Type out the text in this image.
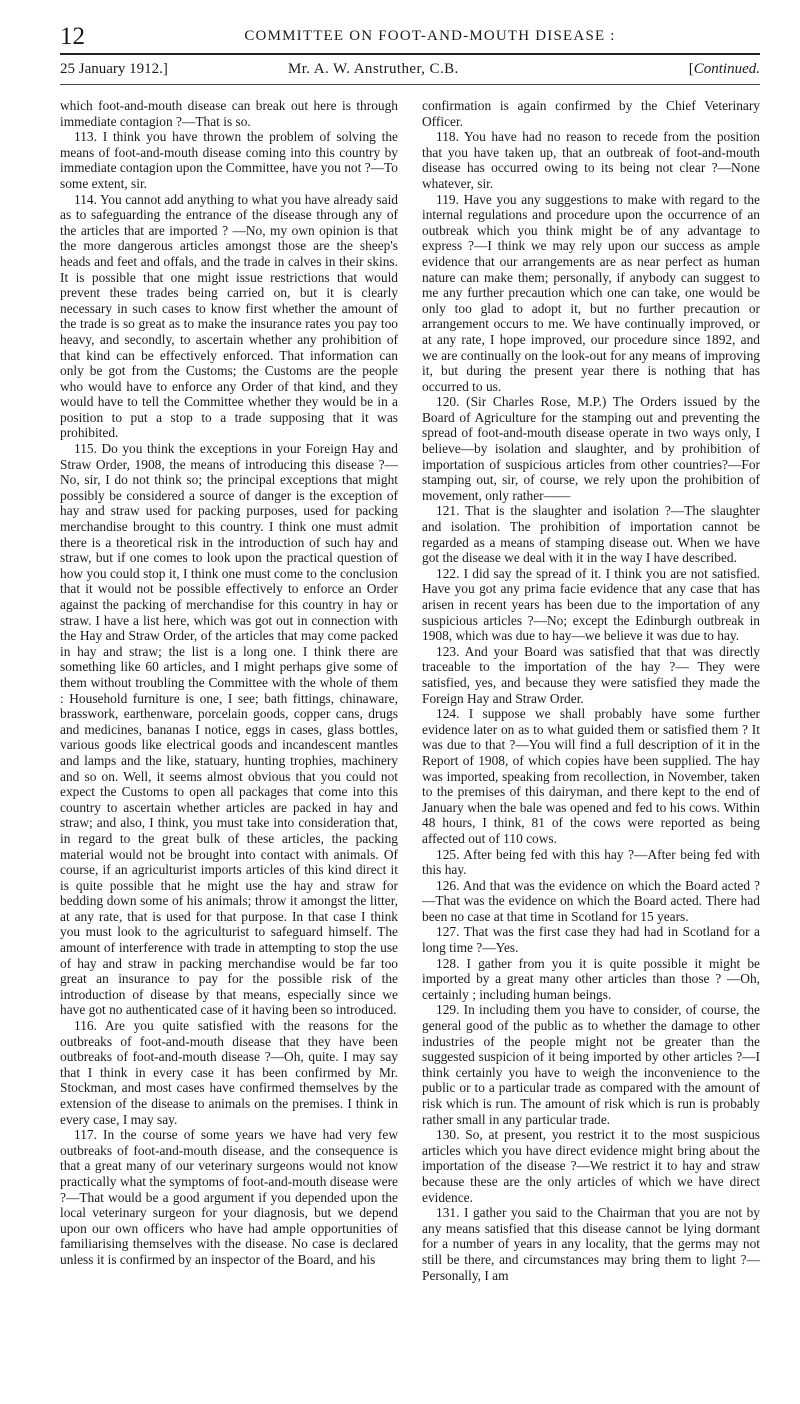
12	COMMITTEE ON FOOT-AND-MOUTH DISEASE :
25 January 1912.]	Mr. A. W. Anstruther, C.B.	[Continued.

which foot-and-mouth disease can break out here is through immediate contagion ?—That is so.

113. I think you have thrown the problem of solving the means of foot-and-mouth disease coming into this country by immediate contagion upon the Committee, have you not ?—To some extent, sir.

114. You cannot add anything to what you have already said as to safeguarding the entrance of the disease through any of the articles that are imported ? —No, my own opinion is that the more dangerous articles amongst those are the sheep's heads and feet and offals, and the trade in calves in their skins. It is possible that one might issue restrictions that would prevent these trades being carried on, but it is clearly necessary in such cases to know first whether the amount of the trade is so great as to make the insurance rates you pay too heavy, and secondly, to ascertain whether any prohibition of that kind can be effectively enforced. That information can only be got from the Customs; the Customs are the people who would have to enforce any Order of that kind, and they would have to tell the Committee whether they would be in a position to put a stop to a trade supposing that it was prohibited.

115. Do you think the exceptions in your Foreign Hay and Straw Order, 1908, the means of introducing this disease ?—No, sir, I do not think so; the principal exceptions that might possibly be considered a source of danger is the exception of hay and straw used for packing purposes, used for packing merchandise brought to this country. I think one must admit there is a theoretical risk in the introduction of such hay and straw, but if one comes to look upon the practical question of how you could stop it, I think one must come to the conclusion that it would not be possible effectively to enforce an Order against the packing of merchandise for this country in hay or straw. I have a list here, which was got out in connection with the Hay and Straw Order, of the articles that may come packed in hay and straw; the list is a long one. I think there are something like 60 articles, and I might perhaps give some of them without troubling the Committee with the whole of them : Household furniture is one, I see; bath fittings, chinaware, brasswork, earthenware, porcelain goods, copper cans, drugs and medicines, bananas I notice, eggs in cases, glass bottles, various goods like electrical goods and incandescent mantles and lamps and the like, statuary, hunting trophies, machinery and so on. Well, it seems almost obvious that you could not expect the Customs to open all packages that come into this country to ascertain whether articles are packed in hay and straw; and also, I think, you must take into consideration that, in regard to the great bulk of these articles, the packing material would not be brought into contact with animals. Of course, if an agriculturist imports articles of this kind direct it is quite possible that he might use the hay and straw for bedding down some of his animals; throw it amongst the litter, at any rate, that is used for that purpose. In that case I think you must look to the agriculturist to safeguard himself. The amount of interference with trade in attempting to stop the use of hay and straw in packing merchandise would be far too great an insurance to pay for the possible risk of the introduction of disease by that means, especially since we have got no authenticated case of it having been so introduced.

116. Are you quite satisfied with the reasons for the outbreaks of foot-and-mouth disease that they have been outbreaks of foot-and-mouth disease ?—Oh, quite. I may say that I think in every case it has been confirmed by Mr. Stockman, and most cases have confirmed themselves by the extension of the disease to animals on the premises. I think in every case, I may say.

117. In the course of some years we have had very few outbreaks of foot-and-mouth disease, and the consequence is that a great many of our veterinary surgeons would not know practically what the symptoms of foot-and-mouth disease were ?—That would be a good argument if you depended upon the local veterinary surgeon for your diagnosis, but we depend upon our own officers who have had ample opportunities of familiarising themselves with the disease. No case is declared unless it is confirmed by an inspector of the Board, and his

confirmation is again confirmed by the Chief Veterinary Officer.

118. You have had no reason to recede from the position that you have taken up, that an outbreak of foot-and-mouth disease has occurred owing to its being not clear ?—None whatever, sir.

119. Have you any suggestions to make with regard to the internal regulations and procedure upon the occurrence of an outbreak which you think might be of any advantage to express ?—I think we may rely upon our success as ample evidence that our arrangements are as near perfect as human nature can make them; personally, if anybody can suggest to me any further precaution which one can take, one would be only too glad to adopt it, but no further precaution or arrangement occurs to me. We have continually improved, or at any rate, I hope improved, our procedure since 1892, and we are continually on the look-out for any means of improving it, but during the present year there is nothing that has occurred to us.

120. (Sir Charles Rose, M.P.) The Orders issued by the Board of Agriculture for the stamping out and preventing the spread of foot-and-mouth disease operate in two ways only, I believe—by isolation and slaughter, and by prohibition of importation of suspicious articles from other countries?—For stamping out, sir, of course, we rely upon the prohibition of movement, only rather——

121. That is the slaughter and isolation ?—The slaughter and isolation. The prohibition of importation cannot be regarded as a means of stamping disease out. When we have got the disease we deal with it in the way I have described.

122. I did say the spread of it. I think you are not satisfied. Have you got any prima facie evidence that any case that has arisen in recent years has been due to the importation of any suspicious articles ?—No; except the Edinburgh outbreak in 1908, which was due to hay—we believe it was due to hay.

123. And your Board was satisfied that that was directly traceable to the importation of the hay ?— They were satisfied, yes, and because they were satisfied they made the Foreign Hay and Straw Order.

124. I suppose we shall probably have some further evidence later on as to what guided them or satisfied them ? It was due to that ?—You will find a full description of it in the Report of 1908, of which copies have been supplied. The hay was imported, speaking from recollection, in November, taken to the premises of this dairyman, and there kept to the end of January when the bale was opened and fed to his cows. Within 48 hours, I think, 81 of the cows were reported as being affected out of 110 cows.

125. After being fed with this hay ?—After being fed with this hay.

126. And that was the evidence on which the Board acted ?—That was the evidence on which the Board acted. There had been no case at that time in Scotland for 15 years.

127. That was the first case they had had in Scotland for a long time ?—Yes.

128. I gather from you it is quite possible it might be imported by a great many other articles than those ? —Oh, certainly ; including human beings.

129. In including them you have to consider, of course, the general good of the public as to whether the damage to other industries of the people might not be greater than the suggested suspicion of it being imported by other articles ?—I think certainly you have to weigh the inconvenience to the public or to a particular trade as compared with the amount of risk which is run. The amount of risk which is run is probably rather small in any particular trade.

130. So, at present, you restrict it to the most suspicious articles which you have direct evidence might bring about the importation of the disease ?—We restrict it to hay and straw because these are the only articles of which we have direct evidence.

131. I gather you said to the Chairman that you are not by any means satisfied that this disease cannot be lying dormant for a number of years in any locality, that the germs may not still be there, and circumstances may bring them to light ?—Personally, I am
